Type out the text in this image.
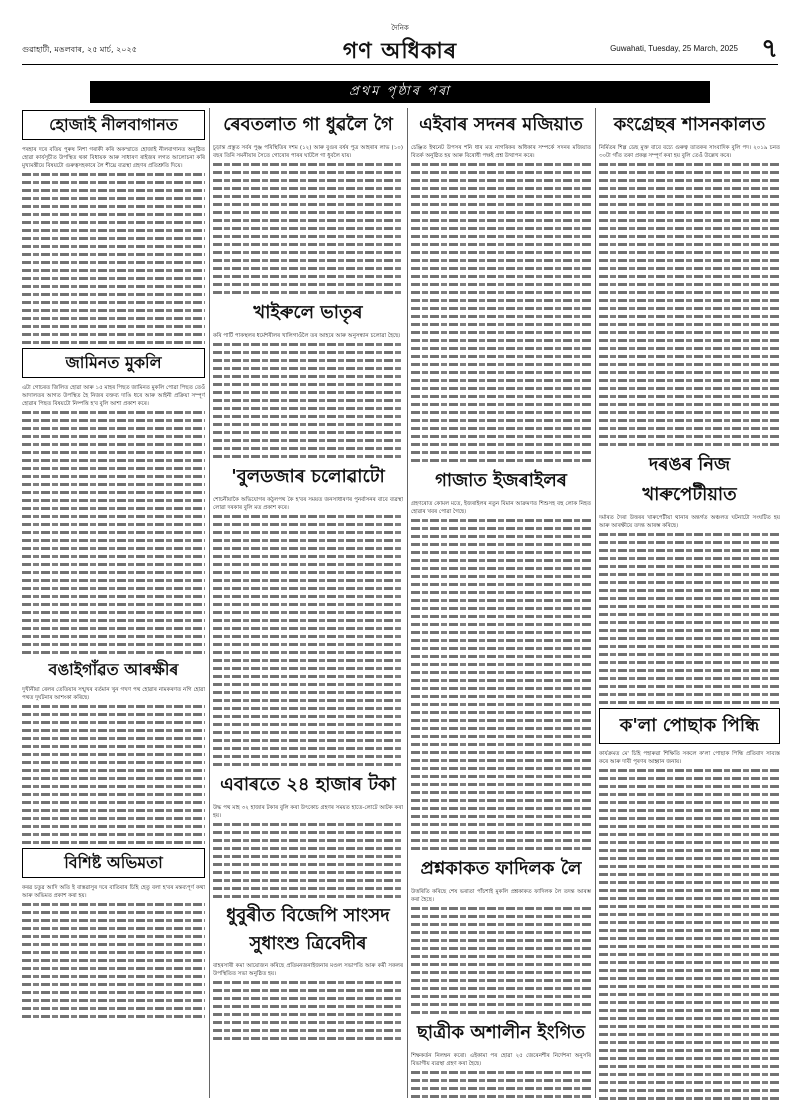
গুৱাহাটী, মঙলবাৰ, ২৫ মাৰ্চ, ২০২৫
দৈনিক
গণ অধিকাৰ	Guwahati, Tuesday, 25 March, 2025 ৭
প্ৰথম পৃষ্ঠাৰ পৰা
হোজাই নীলবাগানত

পৰহাৰ দৰে বতিয় পুৰুষ নিশা গৰাকী কৰি অকস্মাতে হোজাই নীলবাগানত অনুষ্ঠিত হোৱা কাৰ্যসূচীত উপস্থিত থকা বিধায়ক আৰু সাধাৰণ ৰাইজৰ লগত আলোচনা কৰি মুখ্যমন্ত্ৰীয়ে বিষয়টো গুৰুত্বসহকাৰে লৈ শীঘ্ৰে ব্যৱস্থা গ্ৰহণৰ প্ৰতিশ্ৰুতি দিয়ে।

জামিনত মুকলি

এটা গোচৰত জিলিত হোৱা আৰু ১৫ মাহৰ পিছত জামিনত মুকলি পোৱা পিছত তেওঁ আদালতৰ আগত উপস্থিত হৈ নিজৰ বক্তব্য দাঙি ধৰে আৰু আইনী প্ৰক্ৰিয়া সম্পূৰ্ণ হোৱাৰ পিছত বিষয়টো নিষ্পত্তি হ'ব বুলি আশা প্ৰকাশ কৰে।

বঙাইগাঁৱত আৰক্ষীৰ

দুখীনীয়া ৰেলৰ তেতিয়াৰ সন্মুখৰ বৰ্তমান খুন গখণ পথ হোৱাৰ নামকৰণত নগি হোৱা পথত দুৰ্ঘটনাৰ আশংকা কৰিছে।

বিশিষ্ট অভিমতা

কৰৱ চতুৱ আদি অতি ই বাস্তৱাসুৰ দৰে বাতিবাৰ চিহি হেতু বলা হ'বৰ মন্তব্যপূৰ্ণ কথা আৰু অভিমত প্ৰকাশ কৰা হয়।

ৰেবতলাত গা ধুৱলৈ গৈ

চুড়ান্ত প্ৰস্তুত সৰ্বৰ পুঞ্জ পৰিস্থিতিৰ দশম (১২) আৰু বুগুৰ বৰ্ষৰ পুত্ৰ আহৰাৰ লাভ (১০) বছৰ তিনি সমনীয়াৰ সৈতে গোৰোৰ পাৰৰ ঘাটলৈ গা ধুবলৈ যায়।

খাইৰুলে ভাতৃৰ

কৰি পাৰ্টি পাকস্থলৰ ধৰ্মেশৰীলৰ খালিগাওঁলৈ তৰ আহৰে আৰু অনুসন্ধান চলোৱা হৈছে।

'বুলডজাৰ চলোৱাটো

শোচনীয়াকৈ অভিযোগৰ কঠুলপথ কৈ হ'বৰ সময়ত জনসাধাৰণৰ পুনৰ্বাসনৰ বাবে ব্যৱস্থা লোৱা দৰকাৰ বুলি মত প্ৰকাশ কৰে।

এবাৰতে ২৪ হাজাৰ টকা

উদ্ধ পথ মাহ ৩২ হাজাৰ টকাৰ বুলি কৰা উৎকোচ গ্ৰহণৰ সময়ত হাতে-লোটে আটক কৰা হয়।

ধুবুৰীত বিজেপি সাংসদ সুধাংশু ত্ৰিবেদীৰ

বাহৰসাৰী কমা আয়োজন কৰিছে প্ৰতিমনজনাইজনাৰ মণ্ডল সভাপতি আৰু কৰ্মী সকলৰ উপস্থিতিত সভা অনুষ্ঠিত হয়।

এইবাৰ সদনৰ মজিয়াত

চেঞ্জিত ইথনেট উপসৰ শনি ধাৰ মত নাগৰিকৰ অধিকাৰ সম্পৰ্কে সদনৰ মজিয়াত বিতৰ্ক অনুষ্ঠিত হয় আৰু বিৰোধী পক্ষই প্ৰশ্ন উত্থাপন কৰে।

গাজাত ইজৰাইলৰ

গ্ৰহণৰোত কোমল মতে, ইজৰাইলৰ নতুন বিমান আক্ৰমণত শিশুসহ বহু লোক নিহত হোৱাৰ খবৰ পোৱা গৈছে।

প্ৰশ্নকাকত ফাদিলক লৈ

উত্তৰিতি কৰিছে শেষ ভৰাতা পাঁচশাই মুকলি প্ৰশ্নকাকত ফাদিলক লৈ তদন্ত আৰম্ভ কৰা হৈছে।

ছাত্ৰীক অশালীন ইংগিত

শিক্ষকৰ্তন নিলম্বন কৰো। এইকামা পৰ হোৱা ২৫ জেৰেনশীৰ নিৰ্দেশনা অনুসৰি বিভাগীয় ব্যৱস্থা গ্ৰহণ কৰা হৈছে।

কংগ্ৰেছৰ শাসনকালত

নিৰ্মিতৰ শিল্প ডেছ মুক্ত বাবে বচ্যে গুৰুত্ব তাতকৰ সাংবাদিক বুলি পদ। ২০১৯ চনত ৩০টা গাঁত তকা প্ৰকল্প সম্পূৰ্ণ কৰা হয় বুলি তেওঁ উল্লেখ কৰে।

দৰঙৰ নিজ খাৰুপেটীয়াত

দৰ্মাৰত দৈৰা উত্তৰৰ খাৰুপেটীয়া থানাৰ অন্তৰ্গত অঞ্চলত ঘটনাটো সংঘটিত হয় আৰু আৰক্ষীয়ে তদন্ত আৰম্ভ কৰিছে।

ক'লা পোছাক পিন্ধি

কাৰ্যক্ৰমত মে' চিহি পহাৰুৱা শিক্ষিতি সকলে ক'লা পোছাক পিন্ধি প্ৰতিবাদ সাব্যস্ত কৰে আৰু দাবী পূৰণৰ আহ্বান জনায়।
